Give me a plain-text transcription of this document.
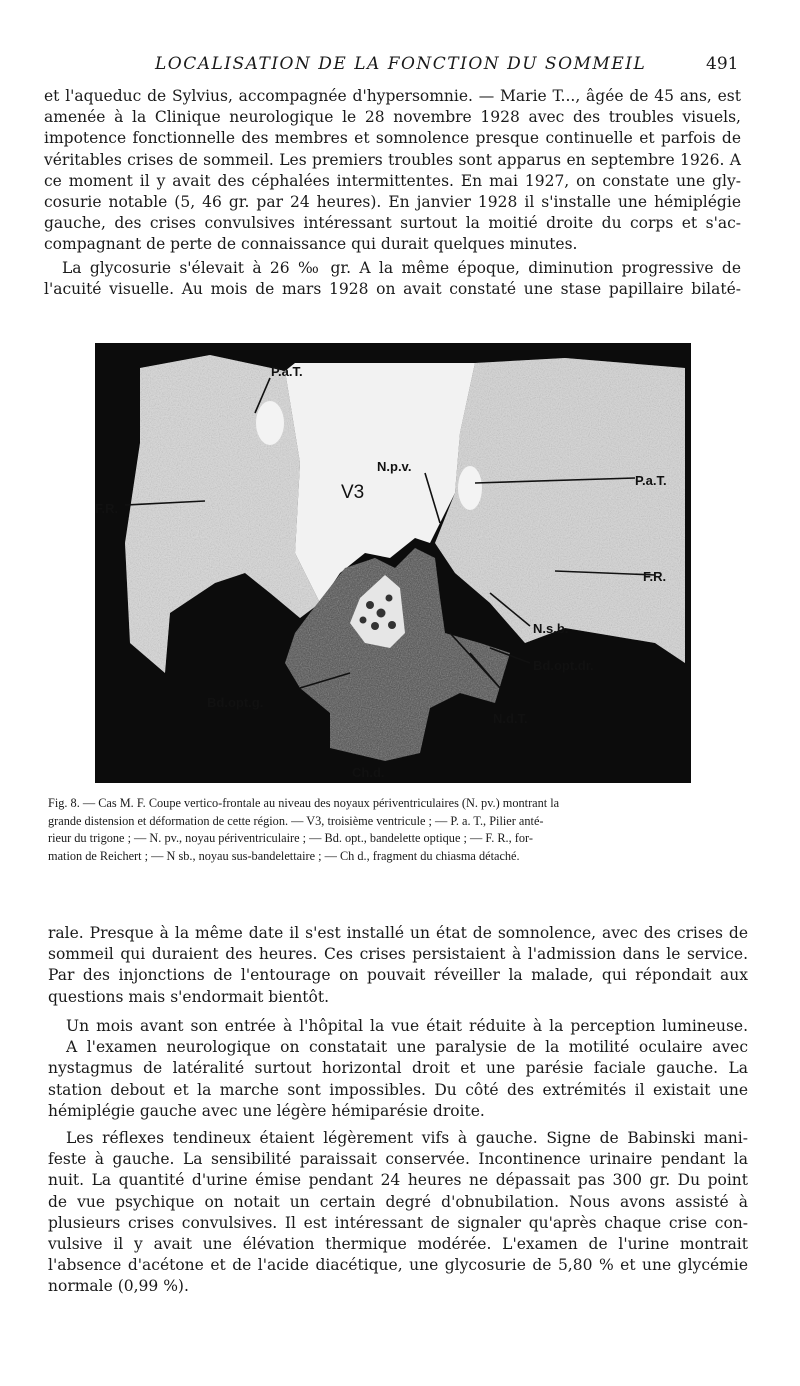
LOCALISATION DE LA FONCTION DU SOMMEIL	491
et l'aqueduc de Sylvius, accompagnée d'hypersomnie. — Marie T..., âgée de 45 ans, est
amenée à la Clinique neurologique le 28 novembre 1928 avec des troubles visuels,
impotence fonctionnelle des membres et somnolence presque continuelle et parfois de
véritables crises de sommeil. Les premiers troubles sont apparus en septembre 1926. A
ce moment il y avait des céphalées intermittentes. En mai 1927, on constate une gly-
cosurie notable (5, 46 gr. par 24 heures). En janvier 1928 il s'installe une hémiplégie
gauche, des crises convulsives intéressant surtout la moitié droite du corps et s'ac-
compagnant de perte de connaissance qui durait quelques minutes.
La glycosurie s'élevait à 26 ‰ gr. A la même époque, diminution progressive de
l'acuité visuelle. Au mois de mars 1928 on avait constaté une stase papillaire bilaté-
P.a.T.
P.a.T.
F.R.
F.R.
V3
N.p.v.
N.s.b.
Bd.opt.dr.
Bd.opt.g.
N.d.T.
Ch.d.
Fig. 8. — Cas M. F. Coupe vertico-frontale au niveau des noyaux périventriculaires (N. pv.) montrant la
grande distension et déformation de cette région. — V3, troisième ventricule ; — P. a. T., Pilier anté-
rieur du trigone ; — N. pv., noyau périventriculaire ; — Bd. opt., bandelette optique ; — F. R., for-
mation de Reichert ; — N sb., noyau sus-bandelettaire ; — Ch d., fragment du chiasma détaché.
rale. Presque à la même date il s'est installé un état de somnolence, avec des crises de
sommeil qui duraient des heures. Ces crises persistaient à l'admission dans le service.
Par des injonctions de l'entourage on pouvait réveiller la malade, qui répondait aux
questions mais s'endormait bientôt.
Un mois avant son entrée à l'hôpital la vue était réduite à la perception lumineuse.
A l'examen neurologique on constatait une paralysie de la motilité oculaire avec
nystagmus de latéralité surtout horizontal droit et une parésie faciale gauche. La
station debout et la marche sont impossibles. Du côté des extrémités il existait une
hémiplégie gauche avec une légère hémiparésie droite.
Les réflexes tendineux étaient légèrement vifs à gauche. Signe de Babinski mani-
feste à gauche. La sensibilité paraissait conservée. Incontinence urinaire pendant la
nuit. La quantité d'urine émise pendant 24 heures ne dépassait pas 300 gr. Du point
de vue psychique on notait un certain degré d'obnubilation. Nous avons assisté à
plusieurs crises convulsives. Il est intéressant de signaler qu'après chaque crise con-
vulsive il y avait une élévation thermique modérée. L'examen de l'urine montrait
l'absence d'acétone et de l'acide diacétique, une glycosurie de 5,80 % et une glycémie
normale (0,99 %).
